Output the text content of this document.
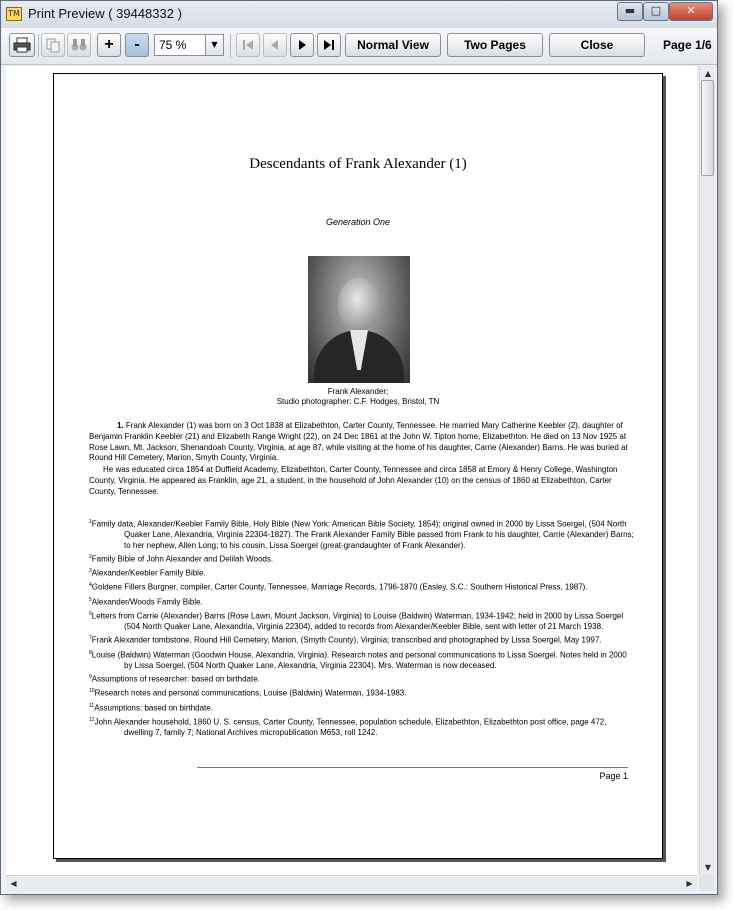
TM Print Preview ( 39448332 )	▬	□	✕
+	-	75 %	▼	Normal View	Two Pages	Close	Page 1/6
Descendants of Frank Alexander (1)
Generation One
Frank Alexander;
Studio photographer: C.F. Hodges, Bristol, TN

1. Frank Alexander (1) was born on 3 Oct 1838 at Elizabethton, Carter County, Tennessee. He married Mary Catherine Keebler (2), daughter of Benjamin Franklin Keebler (21) and Elizabeth Range Wright (22), on 24 Dec 1861 at the John W. Tipton home, Elizabethton. He died on 13 Nov 1925 at Rose Lawn, Mt. Jackson, Shenandoah County, Virginia, at age 87, while visiting at the home of his daughter, Carrie (Alexander) Barns. He was buried at Round Hill Cemetery, Marion, Smyth County, Virginia.

He was educated circa 1854 at Duffield Academy, Elizabethton, Carter County, Tennessee and circa 1858 at Emory & Henry College, Washington County, Virginia. He appeared as Franklin, age 21, a student, in the household of John Alexander (10) on the census of 1860 at Elizabethton, Carter County, Tennessee.

$^1$Family data, Alexander/Keebler Family Bible, Holy Bible (New York: American Bible Society, 1854); original owned in 2000 by Lissa Soergel, (504 North Quaker Lane, Alexandria, Virginia 22304-1827). The Frank Alexander Family Bible passed from Frank to his daughter, Carrie (Alexander) Barns; to her nephew, Allen Long; to his cousin, Lissa Soergel (great-grandaughter of Frank Alexander).

$^2$Family Bible of John Alexander and Delilah Woods.

$^3$Alexander/Keebler Family Bible.

$^4$Goldene Fillers Burgner, compiler, Carter County, Tennessee, Marriage Records, 1796-1870 (Easley, S.C.: Southern Historical Press, 1987).

$^5$Alexander/Woods Family Bible.

$^6$Letters from Carrie (Alexander) Barns (Rose Lawn, Mount Jackson, Virginia) to Louise (Baldwin) Waterman, 1934-1942; held in 2000 by Lissa Soergel (504 North Quaker Lane, Alexandria, Virginia 22304), added to records from Alexander/Keebler Bible, sent with letter of 21 March 1938.

$^7$Frank Alexander tombstone, Round Hill Cemetery, Marion, (Smyth County), Virginia; transcribed and photographed by Lissa Soergel, May 1997.

$^8$Louise (Baldwin) Waterman (Goodwin House, Alexandria, Virginia). Research notes and personal communications to Lissa Soergel. Notes held in 2000 by Lissa Soergel, (504 North Quaker Lane, Alexandria, Virginia 22304). Mrs. Waterman is now deceased.

$^9$Assumptions of researcher: based on birthdate.

$^{10}$Research notes and personal communications, Louise (Baldwin) Waterman, 1934-1983.

$^{11}$Assumptions: based on birthdate.

$^{12}$John Alexander household, 1860 U. S. census, Carter County, Tennessee, population schedule, Elizabethton, Elizabethton post office, page 472, dwelling 7, family 7; National Archives micropublication M653, roll 1242.

Page 1
▲
▼
◀	▶
